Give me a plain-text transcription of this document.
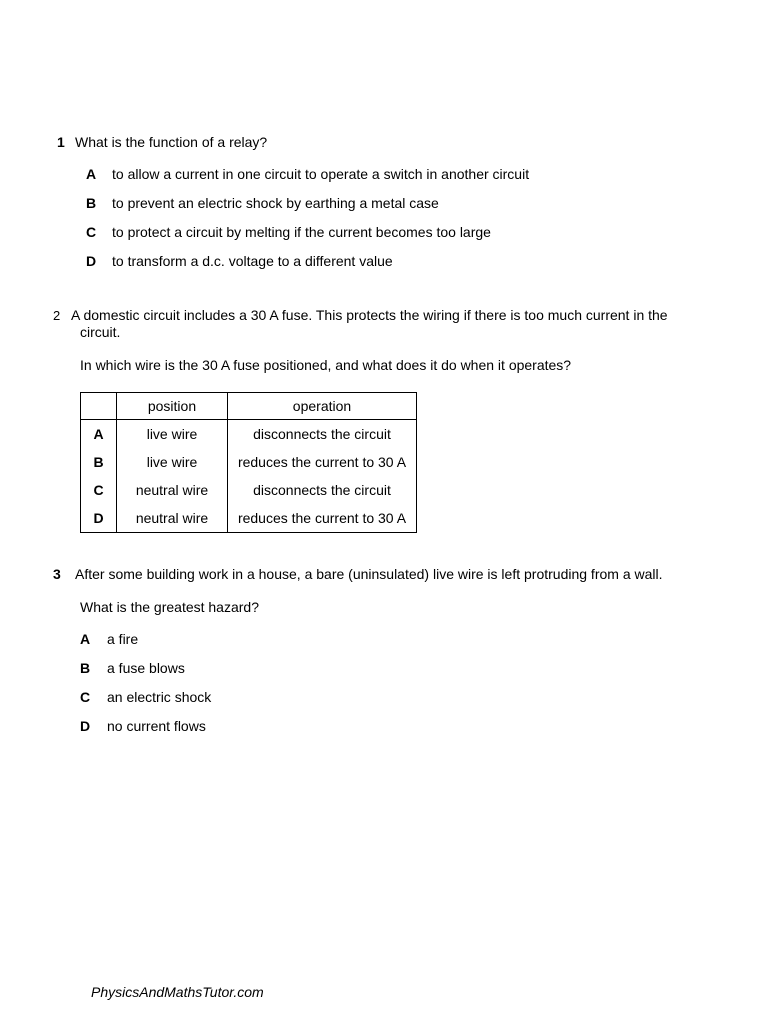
1 What is the function of a relay?
A to allow a current in one circuit to operate a switch in another circuit
B to prevent an electric shock by earthing a metal case
C to protect a circuit by melting if the current becomes too large
D to transform a d.c. voltage to a different value
2 A domestic circuit includes a 30 A fuse. This protects the wiring if there is too much current in the
circuit.
In which wire is the 30 A fuse positioned, and what does it do when it operates?
	position	operation
A	live wire	disconnects the circuit
B	live wire	reduces the current to 30 A
C	neutral wire	disconnects the circuit
D	neutral wire	reduces the current to 30 A
3 After some building work in a house, a bare (uninsulated) live wire is left protruding from a wall.
What is the greatest hazard?
A a fire
B a fuse blows
C an electric shock
D no current flows
PhysicsAndMathsTutor.com
